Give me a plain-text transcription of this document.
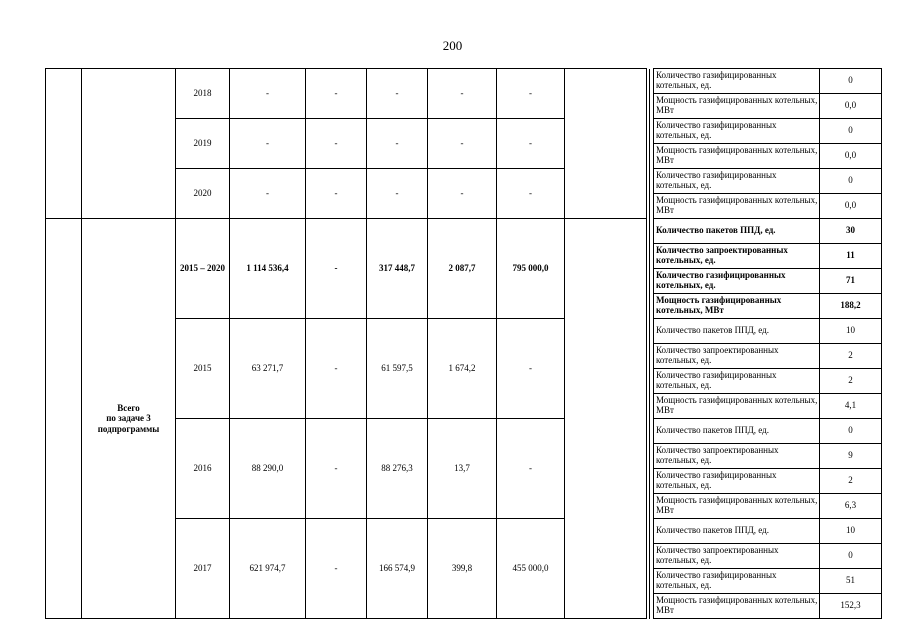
200
		2018	-	-	-	-	-				Количество газифицированных котельных, ед.	0
											Мощность газифицированных котельных, МВт	0,0
		2019	-	-	-	-	-				Количество газифицированных котельных, ед.	0
											Мощность газифицированных котельных, МВт	0,0
		2020	-	-	-	-	-				Количество газифицированных котельных, ед.	0
											Мощность газифицированных котельных, МВт	0,0

	Всего
по задаче 3
подпрограммы	2015 – 2020	1 114 536,4	-	317 448,7	2 087,7	795 000,0				Количество пакетов ППД, ед.	30
											Количество запроектированных котельных, ед.	11
											Количество газифицированных котельных, ед.	71
											Мощность газифицированных котельных, МВт	188,2
		2015	63 271,7	-	61 597,5	1 674,2	-				Количество пакетов ППД, ед.	10
											Количество запроектированных котельных, ед.	2
											Количество газифицированных котельных, ед.	2
											Мощность газифицированных котельных, МВт	4,1
		2016	88 290,0	-	88 276,3	13,7	-				Количество пакетов ППД, ед.	0
											Количество запроектированных котельных, ед.	9
											Количество газифицированных котельных, ед.	2
											Мощность газифицированных котельных, МВт	6,3
		2017	621 974,7	-	166 574,9	399,8	455 000,0				Количество пакетов ППД, ед.	10
											Количество запроектированных котельных, ед.	0
											Количество газифицированных котельных, ед.	51
											Мощность газифицированных котельных, МВт	152,3
